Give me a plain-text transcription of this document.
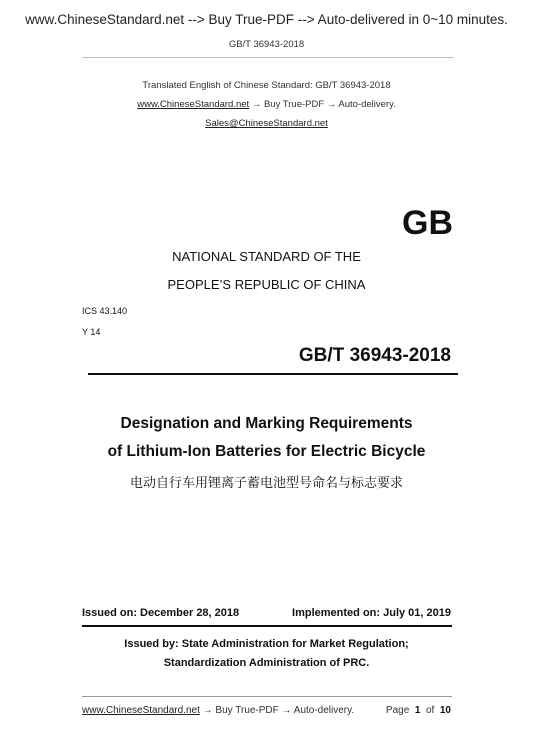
www.ChineseStandard.net --> Buy True-PDF --> Auto-delivered in 0~10 minutes.
GB/T 36943-2018
Translated English of Chinese Standard: GB/T 36943-2018
www.ChineseStandard.net → Buy True-PDF → Auto-delivery.
Sales@ChineseStandard.net
GB
NATIONAL STANDARD OF THE
PEOPLE’S REPUBLIC OF CHINA
ICS 43.140
Y 14
GB/T 36943-2018
Designation and Marking Requirements
of Lithium-Ion Batteries for Electric Bicycle
电动自行车用锂离子蓄电池型号命名与标志要求
Issued on: December 28, 2018	Implemented on: July 01, 2019
Issued by: State Administration for Market Regulation;
Standardization Administration of PRC.
www.ChineseStandard.net → Buy True-PDF → Auto-delivery.	Page 1 of 10
